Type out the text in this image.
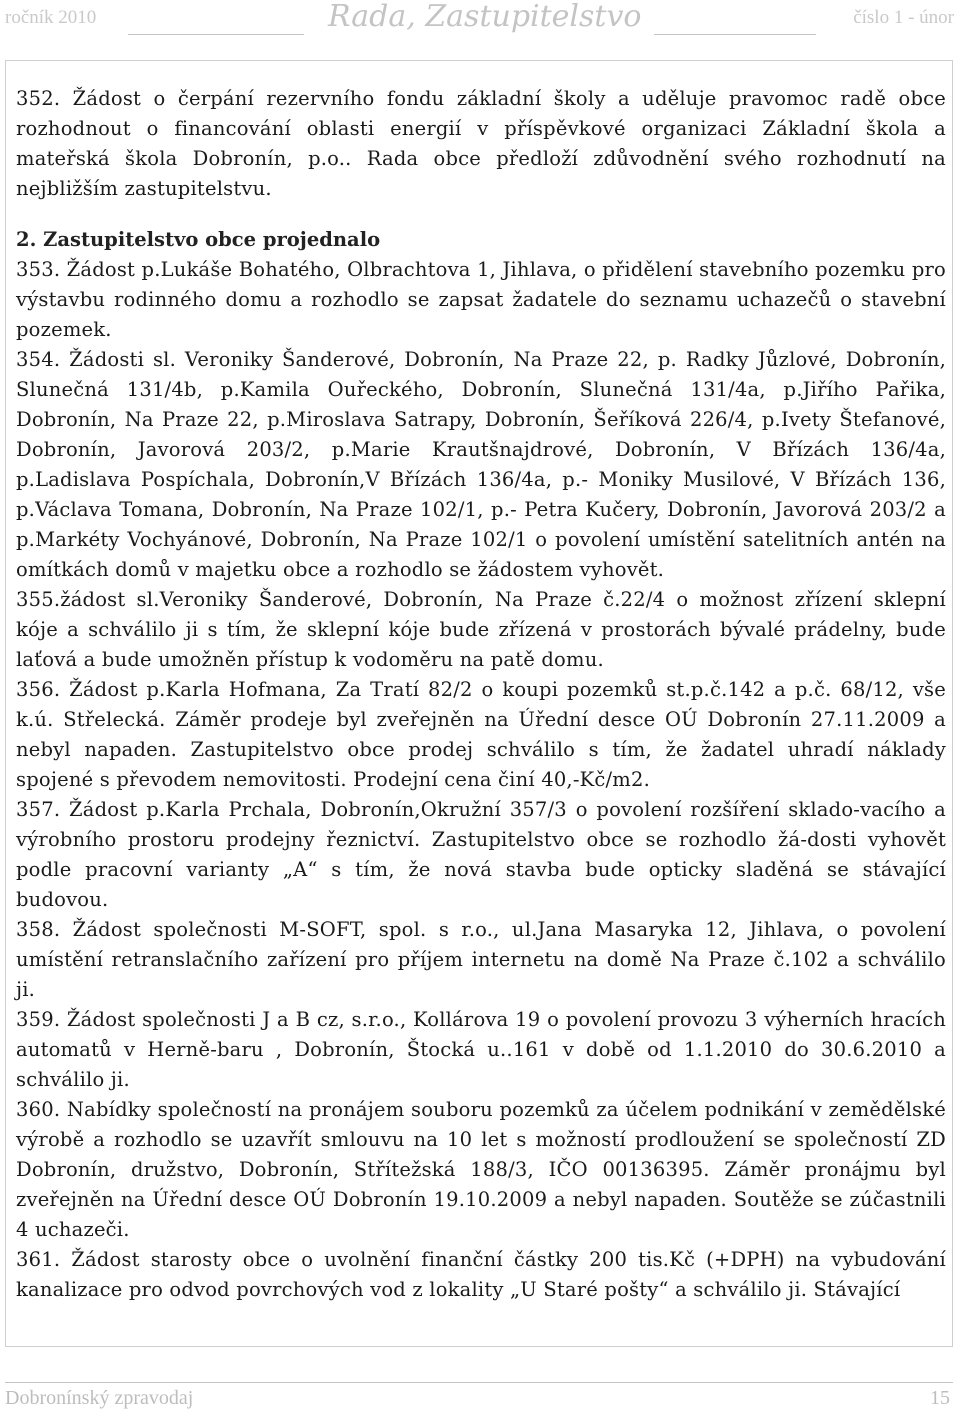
ročník 2010	Rada, Zastupitelstvo	číslo 1 - únor

352. Žádost o čerpání rezervního fondu základní školy a uděluje pravomoc radě obce rozhodnout o financování oblasti energií v příspěvkové organizaci Základní škola a mateřská škola Dobronín, p.o.. Rada obce předloží zdůvodnění svého rozhodnutí na nejbližším zastupitelstvu.

2. Zastupitelstvo obce projednalo

353. Žádost p.Lukáše Bohatého, Olbrachtova 1, Jihlava, o přidělení stavebního pozemku pro výstavbu rodinného domu a rozhodlo se zapsat žadatele do seznamu uchazečů o stavební pozemek.

354. Žádosti sl. Veroniky Šanderové, Dobronín, Na Praze 22, p. Radky Jůzlové, Dobronín, Slunečná 131/4b, p.Kamila Ouřeckého, Dobronín, Slunečná 131/4a, p.Jiřího Pařika, Dobronín, Na Praze 22, p.Miroslava Satrapy, Dobronín, Šeříková 226/4, p.Ivety Štefanové, Dobronín, Javorová 203/2, p.Marie Krautšnajdrové, Dobronín, V Břízách 136/4a, p.Ladislava Pospíchala, Dobronín,V Břízách 136/4a, p.- Moniky Musilové, V Břízách 136, p.Václava Tomana, Dobronín, Na Praze 102/1, p.- Petra Kučery, Dobronín, Javorová 203/2 a p.Markéty Vochyánové, Dobronín, Na Praze 102/1 o povolení umístění satelitních antén na omítkách domů v majetku obce a rozhodlo se žádostem vyhovět.

355.žádost sl.Veroniky Šanderové, Dobronín, Na Praze č.22/4 o možnost zřízení sklepní kóje a schválilo ji s tím, že sklepní kóje bude zřízená v prostorách bývalé prádelny, bude laťová a bude umožněn přístup k vodoměru na patě domu.

356. Žádost p.Karla Hofmana, Za Tratí 82/2 o koupi pozemků st.p.č.142 a p.č. 68/12, vše k.ú. Střelecká. Záměr prodeje byl zveřejněn na Úřední desce OÚ Dobronín 27.11.2009 a nebyl napaden. Zastupitelstvo obce prodej schválilo s tím, že žadatel uhradí náklady spojené s převodem nemovitosti. Prodejní cena činí 40,-Kč/m2.

357. Žádost p.Karla Prchala, Dobronín,Okružní 357/3 o povolení rozšíření sklado-vacího a výrobního prostoru prodejny řeznictví. Zastupitelstvo obce se rozhodlo žá-dosti vyhovět podle pracovní varianty „A“ s tím, že nová stavba bude opticky sladěná se stávající budovou.

358. Žádost společnosti M-SOFT, spol. s r.o., ul.Jana Masaryka 12, Jihlava, o povolení umístění retranslačního zařízení pro příjem internetu na domě Na Praze č.102 a schválilo ji.

359. Žádost společnosti J a B cz, s.r.o., Kollárova 19 o povolení provozu 3 výherních hracích automatů v Herně-baru , Dobronín, Štocká u..161 v době od 1.1.2010 do 30.6.2010 a schválilo ji.

360. Nabídky společností na pronájem souboru pozemků za účelem podnikání v zemědělské výrobě a rozhodlo se uzavřít smlouvu na 10 let s možností prodloužení se společností ZD Dobronín, družstvo, Dobronín, Střítežská 188/3, IČO 00136395. Záměr pronájmu byl zveřejněn na Úřední desce OÚ Dobronín 19.10.2009 a nebyl napaden. Soutěže se zúčastnili 4 uchazeči.

361. Žádost starosty obce o uvolnění finanční částky 200 tis.Kč (+DPH) na vybudování kanalizace pro odvod povrchových vod z lokality „U Staré pošty“ a schválilo ji. Stávající

Dobronínský zpravodaj	15
